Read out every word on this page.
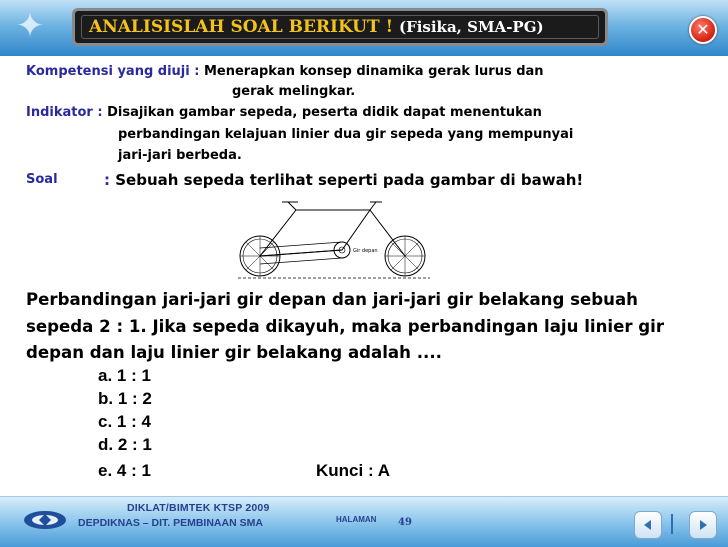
✦	ANALISISLAH SOAL BERIKUT ! (Fisika, SMA-PG)	✕
Kompetensi yang diuji : Menerapkan konsep dinamika gerak lurus dan
gerak melingkar.
Indikator : Disajikan gambar sepeda, peserta didik dapat menentukan
perbandingan kelajuan linier dua gir sepeda yang mempunyai
jari-jari berbeda.
Soal	: Sebuah sepeda terlihat seperti pada gambar di bawah!
Gir depan
Perbandingan jari-jari gir depan dan jari-jari gir belakang sebuah
sepeda 2 : 1. Jika sepeda dikayuh, maka perbandingan laju linier gir
depan dan laju linier gir belakang adalah ....
a. 1 : 1
b. 1 : 2
c. 1 : 4
d. 2 : 1
e. 4 : 1	Kunci : A
DIKLAT/BIMTEK KTSP 2009
DEPDIKNAS – DIT. PEMBINAAN SMA	HALAMAN 49
